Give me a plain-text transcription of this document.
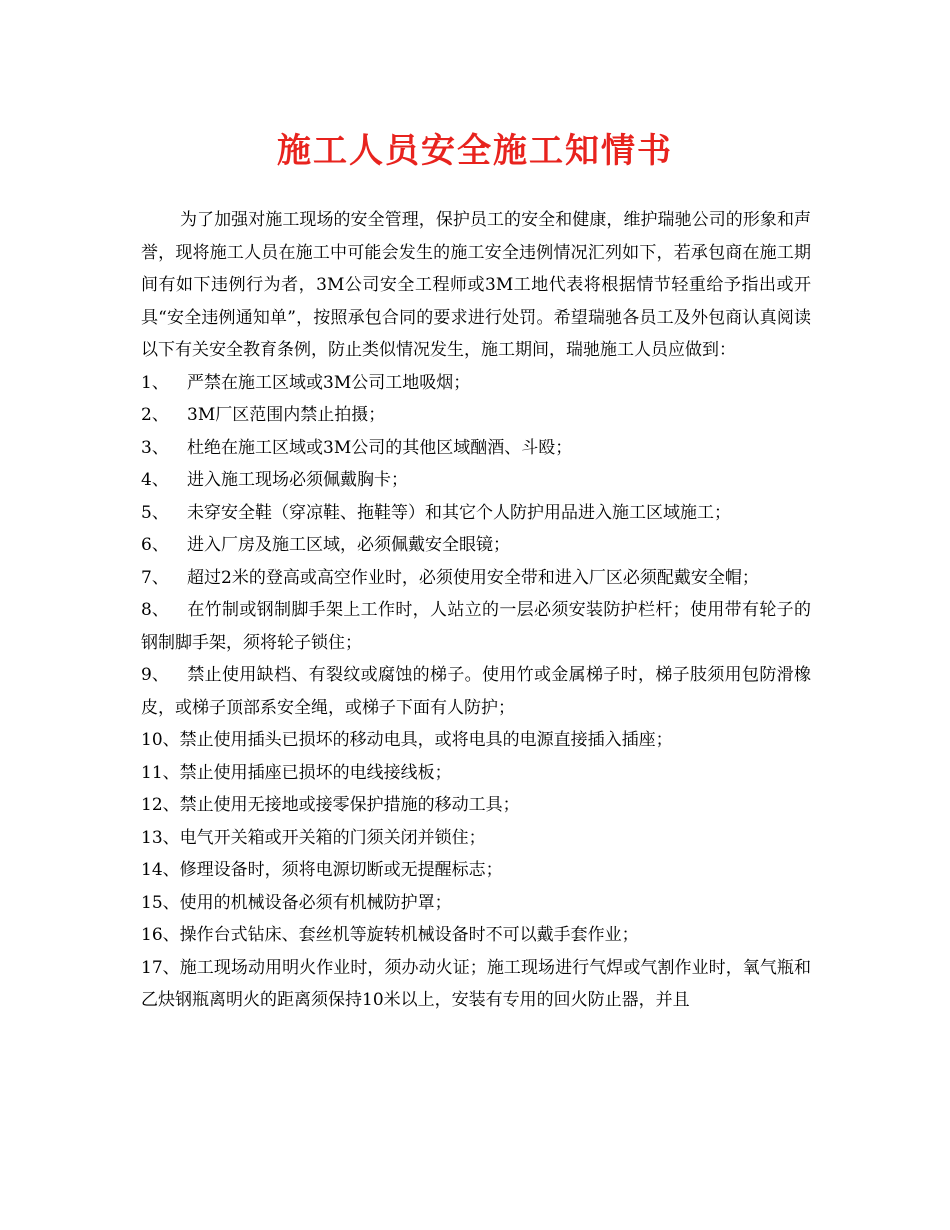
施工人员安全施工知情书

为了加强对施工现场的安全管理，保护员工的安全和健康，维护瑞驰公司的形象和声誉，现将施工人员在施工中可能会发生的施工安全违例情况汇列如下，若承包商在施工期间有如下违例行为者，3M公司安全工程师或3M工地代表将根据情节轻重给予指出或开具“安全违例通知单”，按照承包合同的要求进行处罚。希望瑞驰各员工及外包商认真阅读以下有关安全教育条例，防止类似情况发生，施工期间，瑞驰施工人员应做到：

1、 严禁在施工区域或3M公司工地吸烟；

2、 3M厂区范围内禁止拍摄；

3、 杜绝在施工区域或3M公司的其他区域酗酒、斗殴；

4、 进入施工现场必须佩戴胸卡；

5、 未穿安全鞋（穿凉鞋、拖鞋等）和其它个人防护用品进入施工区域施工；

6、 进入厂房及施工区域，必须佩戴安全眼镜；

7、 超过2米的登高或高空作业时，必须使用安全带和进入厂区必须配戴安全帽；

8、 在竹制或钢制脚手架上工作时，人站立的一层必须安装防护栏杆；使用带有轮子的钢制脚手架，须将轮子锁住；

9、 禁止使用缺档、有裂纹或腐蚀的梯子。使用竹或金属梯子时，梯子肢须用包防滑橡皮，或梯子顶部系安全绳，或梯子下面有人防护；

10、禁止使用插头已损坏的移动电具，或将电具的电源直接插入插座；

11、禁止使用插座已损坏的电线接线板；

12、禁止使用无接地或接零保护措施的移动工具；

13、电气开关箱或开关箱的门须关闭并锁住；

14、修理设备时，须将电源切断或无提醒标志；

15、使用的机械设备必须有机械防护罩；

16、操作台式钻床、套丝机等旋转机械设备时不可以戴手套作业；

17、施工现场动用明火作业时，须办动火证；施工现场进行气焊或气割作业时，氧气瓶和乙炔钢瓶离明火的距离须保持10米以上，安装有专用的回火防止器，并且
